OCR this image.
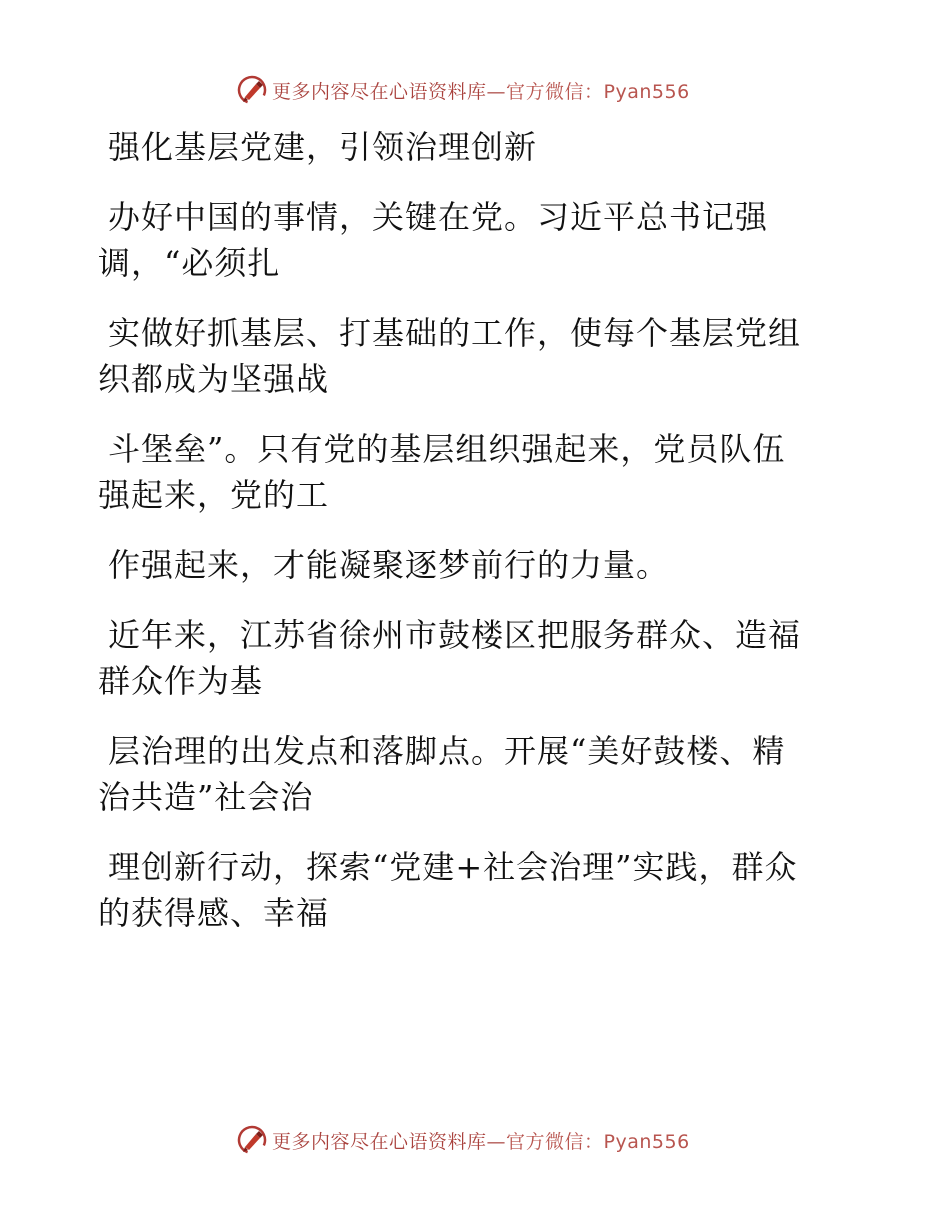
更多内容尽在心语资料库—官方微信：Pyan556
强化基层党建，引领治理创新
办好中国的事情，关键在党。习近平总书记强
调，“必须扎
实做好抓基层、打基础的工作，使每个基层党组
织都成为坚强战
斗堡垒”。只有党的基层组织强起来，党员队伍
强起来，党的工
作强起来，才能凝聚逐梦前行的力量。
近年来，江苏省徐州市鼓楼区把服务群众、造福
群众作为基
层治理的出发点和落脚点。开展“美好鼓楼、精
治共造”社会治
理创新行动，探索“党建+社会治理”实践，群众
的获得感、幸福
更多内容尽在心语资料库—官方微信：Pyan556
